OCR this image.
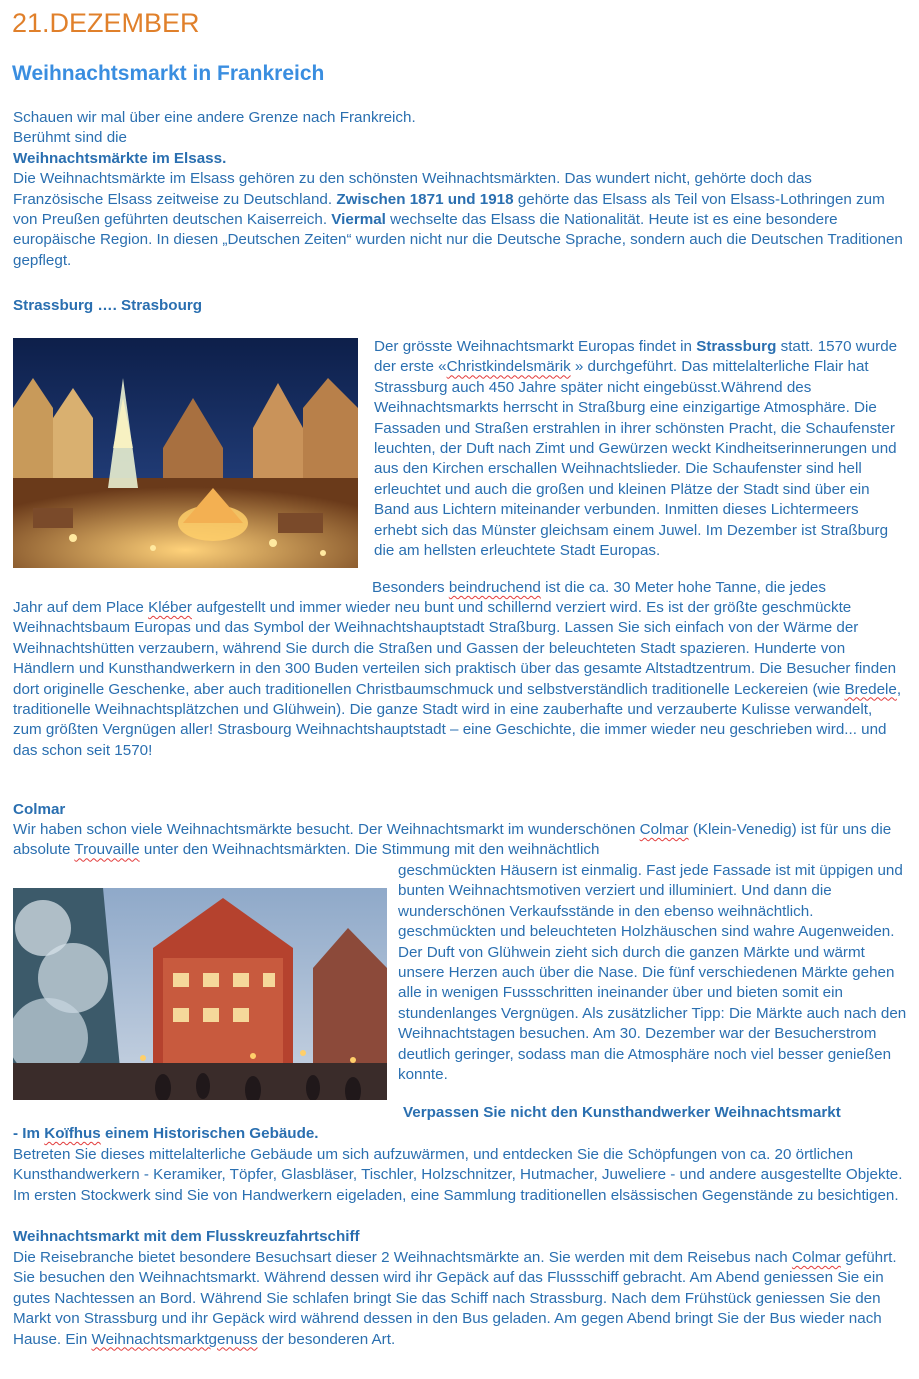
21.DEZEMBER
Weihnachtsmarkt in Frankreich

Schauen wir mal über eine andere Grenze nach Frankreich.

Berühmt sind die

Weihnachtsmärkte im Elsass.

Die Weihnachtsmärkte im Elsass gehören zu den schönsten Weihnachtsmärkten. Das wundert nicht, gehörte doch das Französische Elsass zeitweise zu Deutschland. Zwischen 1871 und 1918 gehörte das Elsass als Teil von Elsass-Lothringen zum von Preußen geführten deutschen Kaiserreich. Viermal wechselte das Elsass die Nationalität. Heute ist es eine besondere europäische Region. In diesen „Deutschen Zeiten“ wurden nicht nur die Deutsche Sprache, sondern auch die Deutschen Traditionen gepflegt.

Strassburg …. Strasbourg

Der grösste Weihnachtsmarkt Europas findet in Strassburg statt. 1570 wurde der erste «Christkindelsmärik » durchgeführt. Das mittelalterliche Flair hat Strassburg auch 450 Jahre später nicht eingebüsst.Während des Weihnachtsmarkts herrscht in Straßburg eine einzigartige Atmosphäre. Die Fassaden und Straßen erstrahlen in ihrer schönsten Pracht, die Schaufenster leuchten, der Duft nach Zimt und Gewürzen weckt Kindheitserinnerungen und aus den Kirchen erschallen Weihnachtslieder. Die Schaufenster sind hell erleuchtet und auch die großen und kleinen Plätze der Stadt sind über ein Band aus Lichtern miteinander verbunden. Inmitten dieses Lichtermeers erhebt sich das Münster gleichsam einem Juwel. Im Dezember ist Straßburg die am hellsten erleuchtete Stadt Europas.

Besonders beindruchend ist die ca. 30 Meter hohe Tanne, die jedes

Jahr auf dem Place Kléber aufgestellt und immer wieder neu bunt und schillernd verziert wird. Es ist der größte geschmückte Weihnachtsbaum Europas und das Symbol der Weihnachtshauptstadt Straßburg. Lassen Sie sich einfach von der Wärme der Weihnachtshütten verzaubern, während Sie durch die Straßen und Gassen der beleuchteten Stadt spazieren. Hunderte von Händlern und Kunsthandwerkern in den 300 Buden verteilen sich praktisch über das gesamte Altstadtzentrum. Die Besucher finden dort originelle Geschenke, aber auch traditionellen Christbaumschmuck und selbstverständlich traditionelle Leckereien (wie Bredele, traditionelle Weihnachtsplätzchen und Glühwein). Die ganze Stadt wird in eine zauberhafte und verzauberte Kulisse verwandelt, zum größten Vergnügen aller! Strasbourg Weihnachtshauptstadt – eine Geschichte, die immer wieder neu geschrieben wird... und das schon seit 1570!

Colmar

Wir haben schon viele Weihnachtsmärkte besucht. Der Weihnachtsmarkt im wunderschönen Colmar (Klein-Venedig) ist für uns die absolute Trouvaille unter den Weihnachtsmärkten. Die Stimmung mit den weihnächtlich

geschmückten Häusern ist einmalig. Fast jede Fassade ist mit üppigen und bunten Weihnachtsmotiven verziert und illuminiert. Und dann die wunderschönen Verkaufsstände in den ebenso weihnächtlich. geschmückten und beleuchteten Holzhäuschen sind wahre Augenweiden. Der Duft von Glühwein zieht sich durch die ganzen Märkte und wärmt unsere Herzen auch über die Nase. Die fünf verschiedenen Märkte gehen alle in wenigen Fussschritten ineinander über und bieten somit ein stundenlanges Vergnügen. Als zusätzlicher Tipp: Die Märkte auch nach den Weihnachtstagen besuchen. Am 30. Dezember war der Besucherstrom deutlich geringer, sodass man die Atmosphäre noch viel besser genießen konnte.

Verpassen Sie nicht den Kunsthandwerker Weihnachtsmarkt

- Im Koïfhus einem Historischen Gebäude.

Betreten Sie dieses mittelalterliche Gebäude um sich aufzuwärmen, und entdecken Sie die Schöpfungen von ca. 20 örtlichen Kunsthandwerkern - Keramiker, Töpfer, Glasbläser, Tischler, Holzschnitzer, Hutmacher, Juweliere - und andere ausgestellte Objekte. Im ersten Stockwerk sind Sie von Handwerkern eigeladen, eine Sammlung traditionellen elsässischen Gegenstände zu besichtigen.

Weihnachtsmarkt mit dem Flusskreuzfahrtschiff

Die Reisebranche bietet besondere Besuchsart dieser 2 Weihnachtsmärkte an. Sie werden mit dem Reisebus nach Colmar geführt. Sie besuchen den Weihnachtsmarkt. Während dessen wird ihr Gepäck auf das Flussschiff gebracht. Am Abend geniessen Sie ein gutes Nachtessen an Bord. Während Sie schlafen bringt Sie das Schiff nach Strassburg. Nach dem Frühstück geniessen Sie den Markt von Strassburg und ihr Gepäck wird während dessen in den Bus geladen. Am gegen Abend bringt Sie der Bus wieder nach Hause. Ein Weihnachtsmarktgenuss der besonderen Art.
